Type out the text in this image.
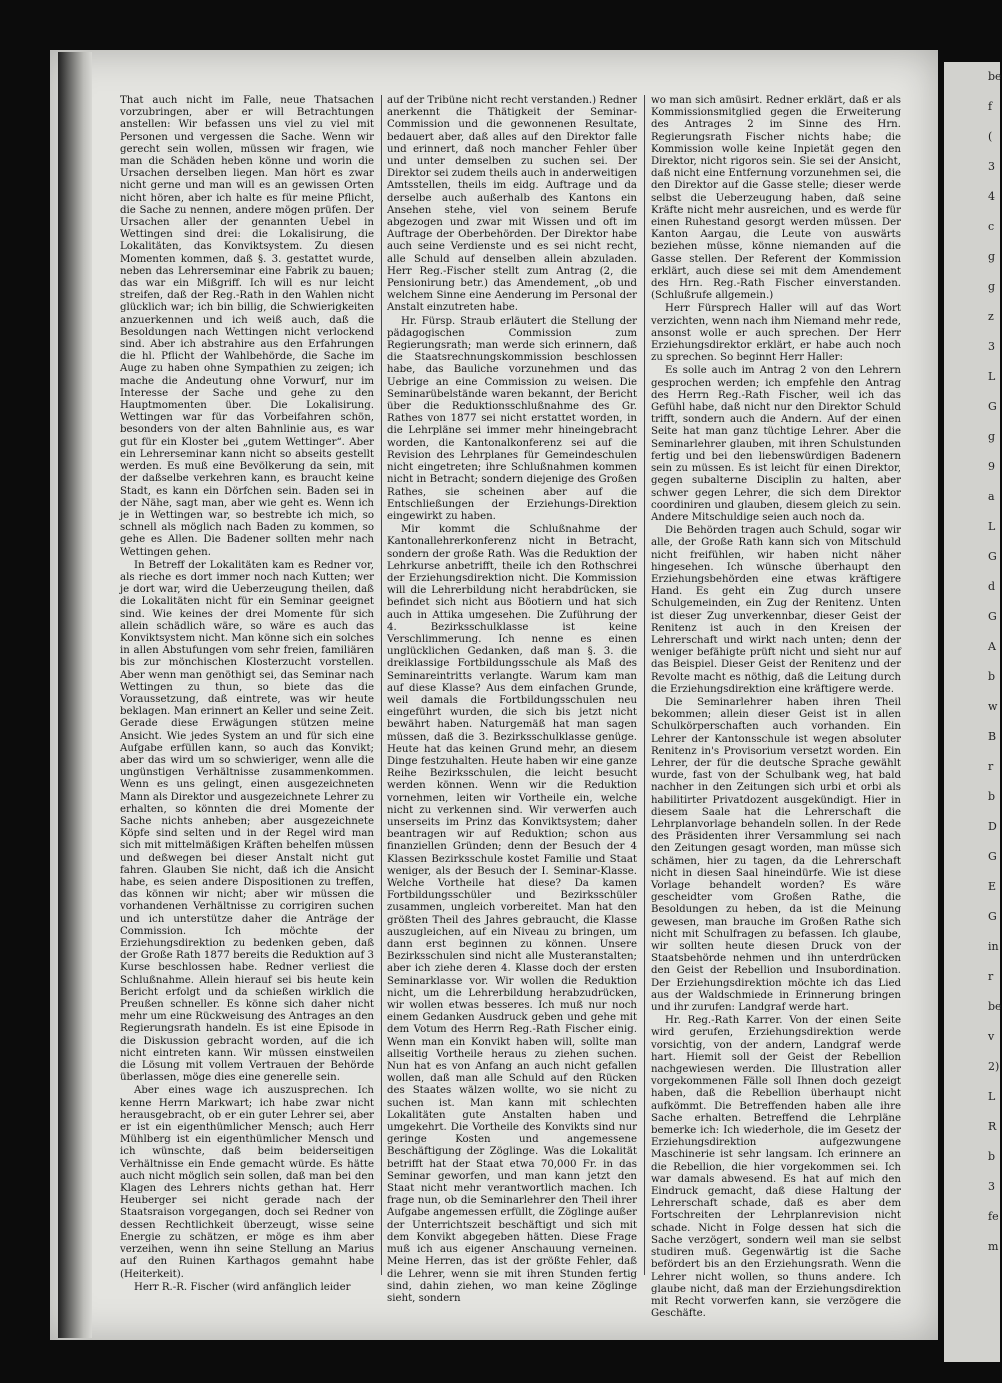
That auch nicht im Falle, neue Thatsachen vorzubringen, aber er will Betrachtungen anstellen: Wir befassen uns viel zu viel mit Personen und vergessen die Sache. Wenn wir gerecht sein wollen, müssen wir fragen, wie man die Schäden heben könne und worin die Ursachen derselben liegen. Man hört es zwar nicht gerne und man will es an gewissen Orten nicht hören, aber ich halte es für meine Pflicht, die Sache zu nennen, andere mögen prüfen. Der Ursachen aller der genannten Uebel in Wettingen sind drei: die Lokalisirung, die Lokalitäten, das Konviktsystem. Zu diesen Momenten kommen, daß §. 3. gestattet wurde, neben das Lehrerseminar eine Fabrik zu bauen; das war ein Mißgriff. Ich will es nur leicht streifen, daß der Reg.-Rath in den Wahlen nicht glücklich war; ich bin billig, die Schwierigkeiten anzuerkennen und ich weiß auch, daß die Besoldungen nach Wettingen nicht verlockend sind. Aber ich abstrahire aus den Erfahrungen die hl. Pflicht der Wahlbehörde, die Sache im Auge zu haben ohne Sympathien zu zeigen; ich mache die Andeutung ohne Vorwurf, nur im Interesse der Sache und gehe zu den Hauptmomenten über. Die Lokalisirung. Wettingen war für das Vorbeifahren schön, besonders von der alten Bahnlinie aus, es war gut für ein Kloster bei „gutem Wettinger“. Aber ein Lehrerseminar kann nicht so abseits gestellt werden. Es muß eine Bevölkerung da sein, mit der daßselbe verkehren kann, es braucht keine Stadt, es kann ein Dörfchen sein. Baden sei in der Nähe, sagt man, aber wie geht es. Wenn ich je in Wettingen war, so bestrebte ich mich, so schnell als möglich nach Baden zu kommen, so gehe es Allen. Die Badener sollten mehr nach Wettingen gehen.

In Betreff der Lokalitäten kam es Redner vor, als rieche es dort immer noch nach Kutten; wer je dort war, wird die Ueberzeugung theilen, daß die Lokalitäten nicht für ein Seminar geeignet sind. Wie keines der drei Momente für sich allein schädlich wäre, so wäre es auch das Konviktsystem nicht. Man könne sich ein solches in allen Abstufungen vom sehr freien, familiären bis zur mönchischen Klosterzucht vorstellen. Aber wenn man genöthigt sei, das Seminar nach Wettingen zu thun, so biete das die Voraussetzung, daß eintrete, was wir heute beklagen. Man erinnert an Keller und seine Zeit. Gerade diese Erwägungen stützen meine Ansicht. Wie jedes System an und für sich eine Aufgabe erfüllen kann, so auch das Konvikt; aber das wird um so schwieriger, wenn alle die ungünstigen Verhältnisse zusammenkommen. Wenn es uns gelingt, einen ausgezeichneten Mann als Direktor und ausgezeichnete Lehrer zu erhalten, so könnten die drei Momente der Sache nichts anheben; aber ausgezeichnete Köpfe sind selten und in der Regel wird man sich mit mittelmäßigen Kräften behelfen müssen und deßwegen bei dieser Anstalt nicht gut fahren. Glauben Sie nicht, daß ich die Ansicht habe, es seien andere Dispositionen zu treffen, das können wir nicht; aber wir müssen die vorhandenen Verhältnisse zu corrigiren suchen und ich unterstütze daher die Anträge der Commission. Ich möchte der Erziehungsdirektion zu bedenken geben, daß der Große Rath 1877 bereits die Reduktion auf 3 Kurse beschlossen habe. Redner verliest die Schlußnahme. Allein hierauf sei bis heute kein Bericht erfolgt und da schießen wirklich die Preußen schneller. Es könne sich daher nicht mehr um eine Rückweisung des Antrages an den Regierungsrath handeln. Es ist eine Episode in die Diskussion gebracht worden, auf die ich nicht eintreten kann. Wir müssen einstweilen die Lösung mit vollem Vertrauen der Behörde überlassen, möge dies eine generelle sein.

Aber eines wage ich auszusprechen. Ich kenne Herrn Markwart; ich habe zwar nicht herausgebracht, ob er ein guter Lehrer sei, aber er ist ein eigenthümlicher Mensch; auch Herr Mühlberg ist ein eigenthümlicher Mensch und ich wünschte, daß beim beiderseitigen Verhältnisse ein Ende gemacht würde. Es hätte auch nicht möglich sein sollen, daß man bei den Klagen des Lehrers nichts gethan hat. Herr Heuberger sei nicht gerade nach der Staatsraison vorgegangen, doch sei Redner von dessen Rechtlichkeit überzeugt, wisse seine Energie zu schätzen, er möge es ihm aber verzeihen, wenn ihn seine Stellung an Marius auf den Ruinen Karthagos gemahnt habe (Heiterkeit).

Herr R.-R. Fischer (wird anfänglich leider

auf der Tribüne nicht recht verstanden.) Redner anerkennt die Thätigkeit der Seminar-Commission und die gewonnenen Resultate, bedauert aber, daß alles auf den Direktor falle und erinnert, daß noch mancher Fehler über und unter demselben zu suchen sei. Der Direktor sei zudem theils auch in anderweitigen Amtsstellen, theils im eidg. Auftrage und da derselbe auch außerhalb des Kantons ein Ansehen stehe, viel von seinem Berufe abgezogen und zwar mit Wissen und oft im Auftrage der Oberbehörden. Der Direktor habe auch seine Verdienste und es sei nicht recht, alle Schuld auf denselben allein abzuladen. Herr Reg.-Fischer stellt zum Antrag (2, die Pensionirung betr.) das Amendement, „ob und welchem Sinne eine Aenderung im Personal der Anstalt einzutreten habe.

Hr. Fürsp. Straub erläutert die Stellung der pädagogischen Commission zum Regierungsrath; man werde sich erinnern, daß die Staatsrechnungskommission beschlossen habe, das Bauliche vorzunehmen und das Uebrige an eine Commission zu weisen. Die Seminarübelstände waren bekannt, der Bericht über die Reduktionsschlußnahme des Gr. Rathes von 1877 sei nicht erstattet worden, in die Lehrpläne sei immer mehr hineingebracht worden, die Kantonalkonferenz sei auf die Revision des Lehrplanes für Gemeindeschulen nicht eingetreten; ihre Schlußnahmen kommen nicht in Betracht; sondern diejenige des Großen Rathes, sie scheinen aber auf die Entschließungen der Erziehungs-Direktion eingewirkt zu haben.

Mir kommt die Schlußnahme der Kantonallehrerkonferenz nicht in Betracht, sondern der große Rath. Was die Reduktion der Lehrkurse anbetrifft, theile ich den Rothschrei der Erziehungsdirektion nicht. Die Kommission will die Lehrerbildung nicht herabdrücken, sie befindet sich nicht aus Böotiern und hat sich auch in Attika umgesehen. Die Zuführung der 4. Bezirksschulklasse ist keine Verschlimmerung. Ich nenne es einen unglücklichen Gedanken, daß man §. 3. die dreiklassige Fortbildungsschule als Maß des Seminareintritts verlangte. Warum kam man auf diese Klasse? Aus dem einfachen Grunde, weil damals die Fortbildungsschulen neu eingeführt wurden, die sich bis jetzt nicht bewährt haben. Naturgemäß hat man sagen müssen, daß die 3. Bezirksschulklasse genüge. Heute hat das keinen Grund mehr, an diesem Dinge festzuhalten. Heute haben wir eine ganze Reihe Bezirksschulen, die leicht besucht werden können. Wenn wir die Reduktion vornehmen, leiten wir Vortheile ein, welche nicht zu verkennen sind. Wir verwerfen auch unserseits im Prinz das Konviktsystem; daher beantragen wir auf Reduktion; schon aus finanziellen Gründen; denn der Besuch der 4 Klassen Bezirksschule kostet Familie und Staat weniger, als der Besuch der I. Seminar-Klasse. Welche Vortheile hat diese? Da kamen Fortbildungsschüler und Bezirksschüler zusammen, ungleich vorbereitet. Man hat den größten Theil des Jahres gebraucht, die Klasse auszugleichen, auf ein Niveau zu bringen, um dann erst beginnen zu können. Unsere Bezirksschulen sind nicht alle Musteranstalten; aber ich ziehe deren 4. Klasse doch der ersten Seminarklasse vor. Wir wollen die Reduktion nicht, um die Lehrerbildung herabzudrücken, wir wollen etwas besseres. Ich muß nur noch einem Gedanken Ausdruck geben und gehe mit dem Votum des Herrn Reg.-Rath Fischer einig. Wenn man ein Konvikt haben will, sollte man allseitig Vortheile heraus zu ziehen suchen. Nun hat es von Anfang an auch nicht gefallen wollen, daß man alle Schuld auf den Rücken des Staates wälzen wollte, wo sie nicht zu suchen ist. Man kann mit schlechten Lokalitäten gute Anstalten haben und umgekehrt. Die Vortheile des Konvikts sind nur geringe Kosten und angemessene Beschäftigung der Zöglinge. Was die Lokalität betrifft hat der Staat etwa 70,000 Fr. in das Seminar geworfen, und man kann jetzt den Staat nicht mehr verantwortlich machen. Ich frage nun, ob die Seminarlehrer den Theil ihrer Aufgabe angemessen erfüllt, die Zöglinge außer der Unterrichtszeit beschäftigt und sich mit dem Konvikt abgegeben hätten. Diese Frage muß ich aus eigener Anschauung verneinen. Meine Herren, das ist der größte Fehler, daß die Lehrer, wenn sie mit ihren Stunden fertig sind, dahin ziehen, wo man keine Zöglinge sieht, sondern

wo man sich amüsirt. Redner erklärt, daß er als Kommissionsmitglied gegen die Erweiterung des Antrages 2 im Sinne des Hrn. Regierungsrath Fischer nichts habe; die Kommission wolle keine Inpietät gegen den Direktor, nicht rigoros sein. Sie sei der Ansicht, daß nicht eine Entfernung vorzunehmen sei, die den Direktor auf die Gasse stelle; dieser werde selbst die Ueberzeugung haben, daß seine Kräfte nicht mehr ausreichen, und es werde für einen Ruhestand gesorgt werden müssen. Der Kanton Aargau, die Leute von auswärts beziehen müsse, könne niemanden auf die Gasse stellen. Der Referent der Kommission erklärt, auch diese sei mit dem Amendement des Hrn. Reg.-Rath Fischer einverstanden. (Schlußrufe allgemein.)

Herr Fürsprech Haller will auf das Wort verzichten, wenn nach ihm Niemand mehr rede, ansonst wolle er auch sprechen. Der Herr Erziehungsdirektor erklärt, er habe auch noch zu sprechen. So beginnt Herr Haller:

Es solle auch im Antrag 2 von den Lehrern gesprochen werden; ich empfehle den Antrag des Herrn Reg.-Rath Fischer, weil ich das Gefühl habe, daß nicht nur den Direktor Schuld trifft, sondern auch die Andern. Auf der einen Seite hat man ganz tüchtige Lehrer. Aber die Seminarlehrer glauben, mit ihren Schulstunden fertig und bei den liebenswürdigen Badenern sein zu müssen. Es ist leicht für einen Direktor, gegen subalterne Disciplin zu halten, aber schwer gegen Lehrer, die sich dem Direktor coordiniren und glauben, diesem gleich zu sein. Andere Mitschuldige seien auch noch da.

Die Behörden tragen auch Schuld, sogar wir alle, der Große Rath kann sich von Mitschuld nicht freifühlen, wir haben nicht näher hingesehen. Ich wünsche überhaupt den Erziehungsbehörden eine etwas kräftigere Hand. Es geht ein Zug durch unsere Schulgemeinden, ein Zug der Renitenz. Unten ist dieser Zug unverkennbar, dieser Geist der Renitenz ist auch in den Kreisen der Lehrerschaft und wirkt nach unten; denn der weniger befähigte prüft nicht und sieht nur auf das Beispiel. Dieser Geist der Renitenz und der Revolte macht es nöthig, daß die Leitung durch die Erziehungsdirektion eine kräftigere werde.

Die Seminarlehrer haben ihren Theil bekommen; allein dieser Geist ist in allen Schulkörperschaften auch vorhanden. Ein Lehrer der Kantonsschule ist wegen absoluter Renitenz in's Provisorium versetzt worden. Ein Lehrer, der für die deutsche Sprache gewählt wurde, fast von der Schulbank weg, hat bald nachher in den Zeitungen sich urbi et orbi als habilitirter Privatdozent ausgekündigt. Hier in diesem Saale hat die Lehrerschaft die Lehrplanvorlage behandeln sollen. In der Rede des Präsidenten ihrer Versammlung sei nach den Zeitungen gesagt worden, man müsse sich schämen, hier zu tagen, da die Lehrerschaft nicht in diesen Saal hineindürfe. Wie ist diese Vorlage behandelt worden? Es wäre gescheidter vom Großen Rathe, die Besoldungen zu heben, da ist die Meinung gewesen, man brauche im Großen Rathe sich nicht mit Schulfragen zu befassen. Ich glaube, wir sollten heute diesen Druck von der Staatsbehörde nehmen und ihn unterdrücken den Geist der Rebellion und Insubordination. Der Erziehungsdirektion möchte ich das Lied aus der Waldschmiede in Erinnerung bringen und ihr zurufen: Landgraf werde hart.

Hr. Reg.-Rath Karrer. Von der einen Seite wird gerufen, Erziehungsdirektion werde vorsichtig, von der andern, Landgraf werde hart. Hiemit soll der Geist der Rebellion nachgewiesen werden. Die Illustration aller vorgekommenen Fälle soll Ihnen doch gezeigt haben, daß die Rebellion überhaupt nicht aufkömmt. Die Betreffenden haben alle ihre Sache erhalten. Betreffend die Lehrpläne bemerke ich: Ich wiederhole, die im Gesetz der Erziehungsdirektion aufgezwungene Maschinerie ist sehr langsam. Ich erinnere an die Rebellion, die hier vorgekommen sei. Ich war damals abwesend. Es hat auf mich den Eindruck gemacht, daß diese Haltung der Lehrerschaft schade, daß es aber dem Fortschreiten der Lehrplanrevision nicht schade. Nicht in Folge dessen hat sich die Sache verzögert, sondern weil man sie selbst studiren muß. Gegenwärtig ist die Sache befördert bis an den Erziehungsrath. Wenn die Lehrer nicht wollen, so thuns andere. Ich glaube nicht, daß man der Erziehungsdirektion mit Recht vorwerfen kann, sie verzögere die Geschäfte.

be
f
(
3
4
c
g
g
z
3
L
G
g
9
a
L
G
d
G
A
b
w
B
r
b
D
G
E
G
in
r
be
v
2)
L
R
b
3
fe
m
